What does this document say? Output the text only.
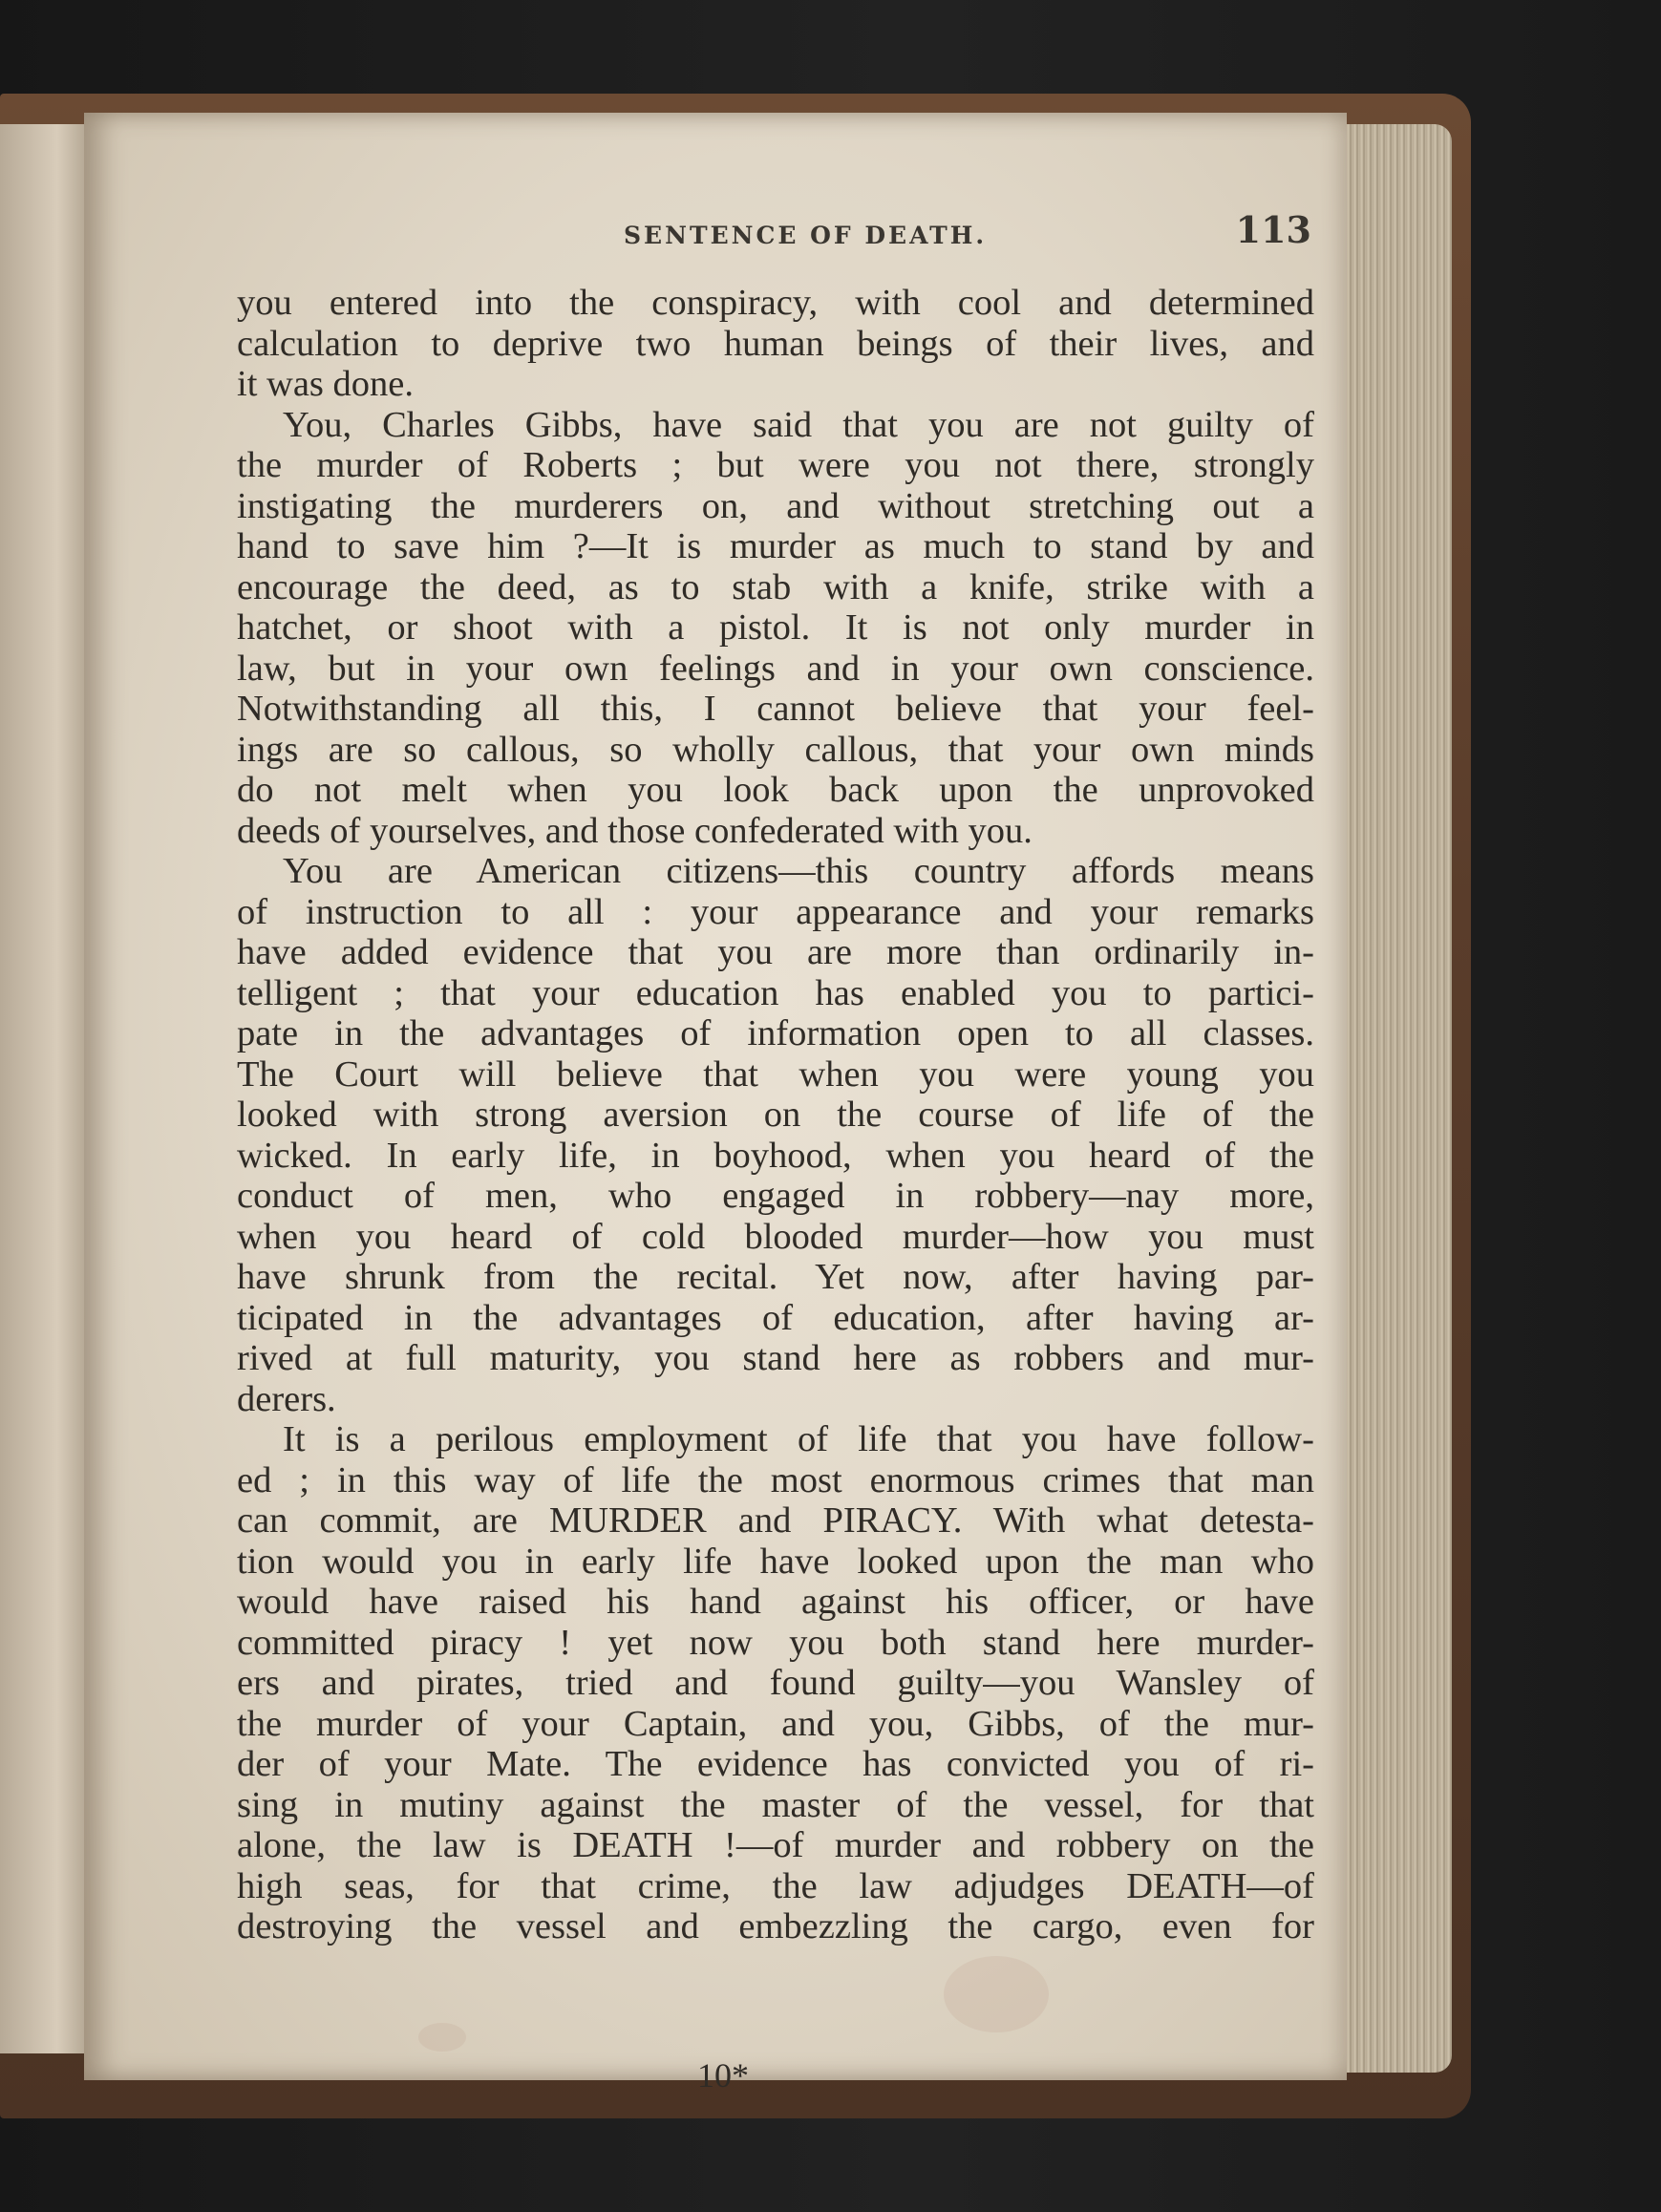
SENTENCE OF DEATH.	113
you entered into the conspiracy, with cool and determined
calculation to deprive two human beings of their lives, and
it was done.
You, Charles Gibbs, have said that you are not guilty of
the murder of Roberts ; but were you not there, strongly
instigating the murderers on, and without stretching out a
hand to save him ?—It is murder as much to stand by and
encourage the deed, as to stab with a knife, strike with a
hatchet, or shoot with a pistol. It is not only murder in
law, but in your own feelings and in your own conscience.
Notwithstanding all this, I cannot believe that your feel-
ings are so callous, so wholly callous, that your own minds
do not melt when you look back upon the unprovoked
deeds of yourselves, and those confederated with you.
You are American citizens—this country affords means
of instruction to all : your appearance and your remarks
have added evidence that you are more than ordinarily in-
telligent ; that your education has enabled you to partici-
pate in the advantages of information open to all classes.
The Court will believe that when you were young you
looked with strong aversion on the course of life of the
wicked. In early life, in boyhood, when you heard of the
conduct of men, who engaged in robbery—nay more,
when you heard of cold blooded murder—how you must
have shrunk from the recital. Yet now, after having par-
ticipated in the advantages of education, after having ar-
rived at full maturity, you stand here as robbers and mur-
derers.
It is a perilous employment of life that you have follow-
ed ; in this way of life the most enormous crimes that man
can commit, are MURDER and PIRACY. With what detesta-
tion would you in early life have looked upon the man who
would have raised his hand against his officer, or have
committed piracy ! yet now you both stand here murder-
ers and pirates, tried and found guilty—you Wansley of
the murder of your Captain, and you, Gibbs, of the mur-
der of your Mate. The evidence has convicted you of ri-
sing in mutiny against the master of the vessel, for that
alone, the law is DEATH !—of murder and robbery on the
high seas, for that crime, the law adjudges DEATH—of
destroying the vessel and embezzling the cargo, even for
10*
